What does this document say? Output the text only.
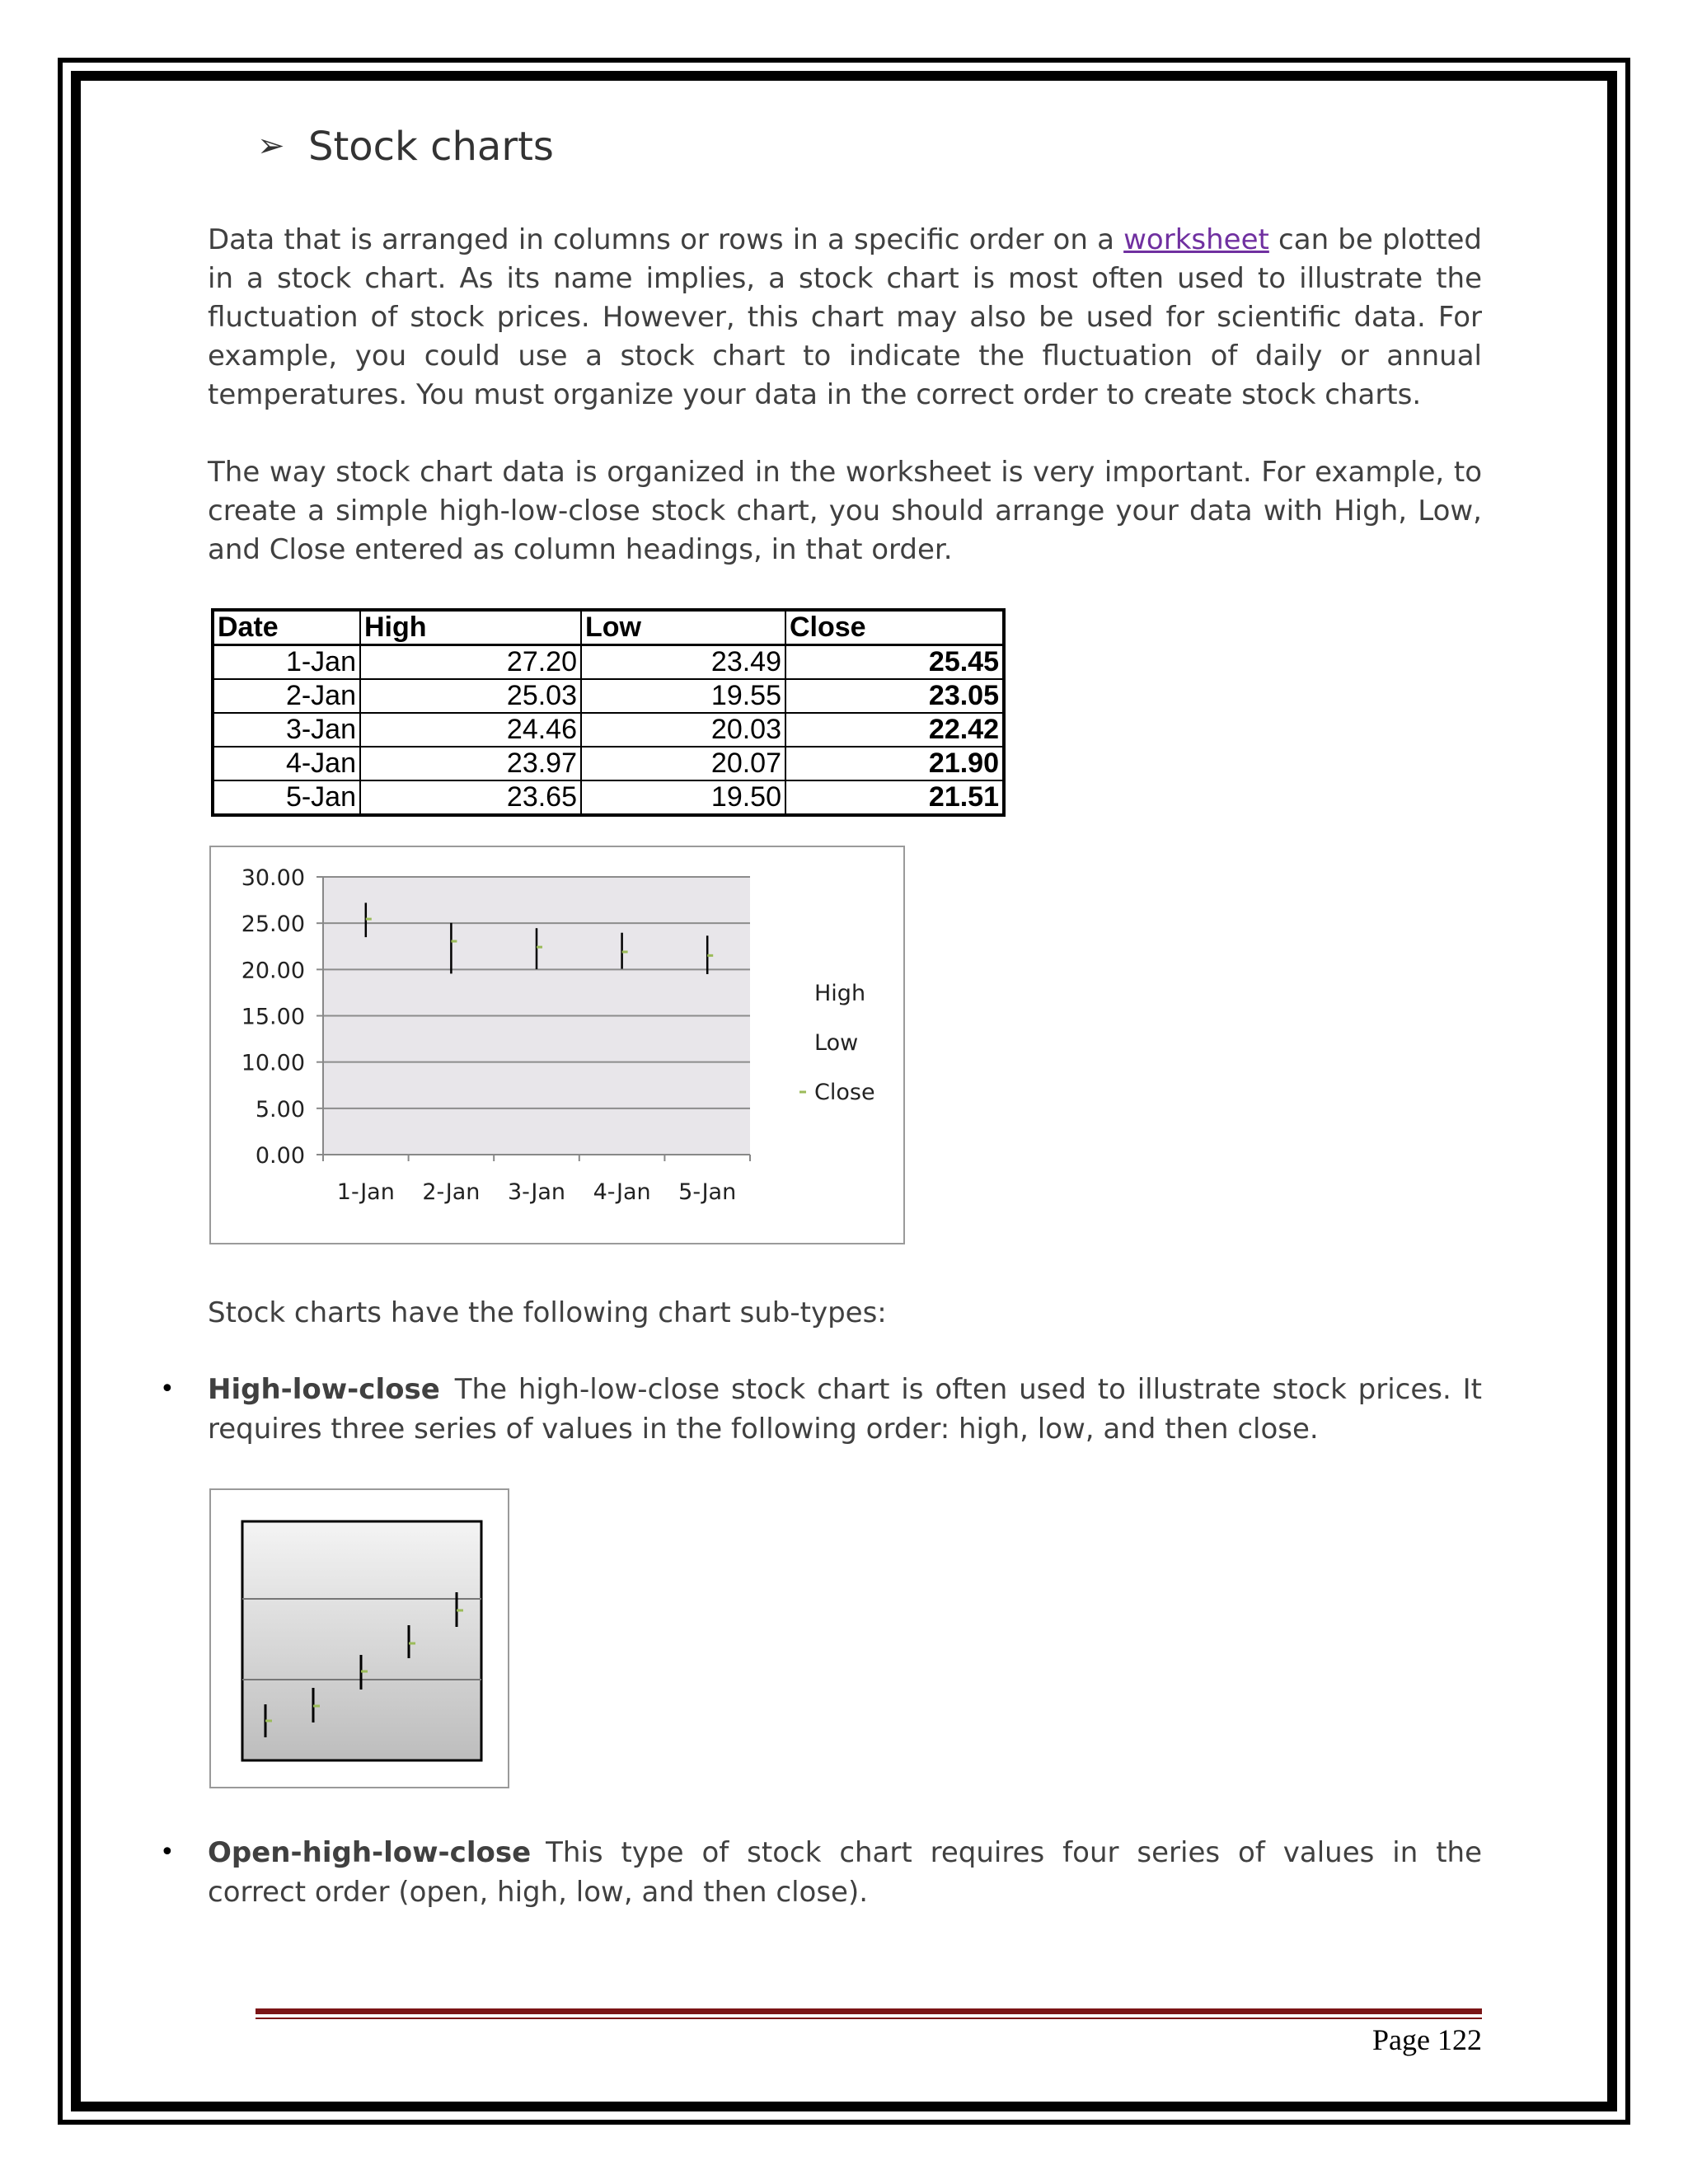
➢ Stock charts
Data that is arranged in columns or rows in a specific order on a worksheet can be plotted in a stock chart. As its name implies, a stock chart is most often used to illustrate the fluctuation of stock prices. However, this chart may also be used for scientific data. For example, you could use a stock chart to indicate the fluctuation of daily or annual temperatures. You must organize your data in the correct order to create stock charts.
The way stock chart data is organized in the worksheet is very important. For example, to create a simple high-low-close stock chart, you should arrange your data with High, Low, and Close entered as column headings, in that order.
Date	High	Low	Close
1-Jan	27.20	23.49	25.45
2-Jan	25.03	19.55	23.05
3-Jan	24.46	20.03	22.42
4-Jan	23.97	20.07	21.90
5-Jan	23.65	19.50	21.51
30.00
25.00
20.00
15.00
10.00
5.00
0.00
1-Jan 2-Jan 3-Jan 4-Jan 5-Jan
High
Low
Close
Stock charts have the following chart sub-types:
• High-low-close The high-low-close stock chart is often used to illustrate stock prices. It requires three series of values in the following order: high, low, and then close.
• Open-high-low-close This type of stock chart requires four series of values in the correct order (open, high, low, and then close).
Page 122
